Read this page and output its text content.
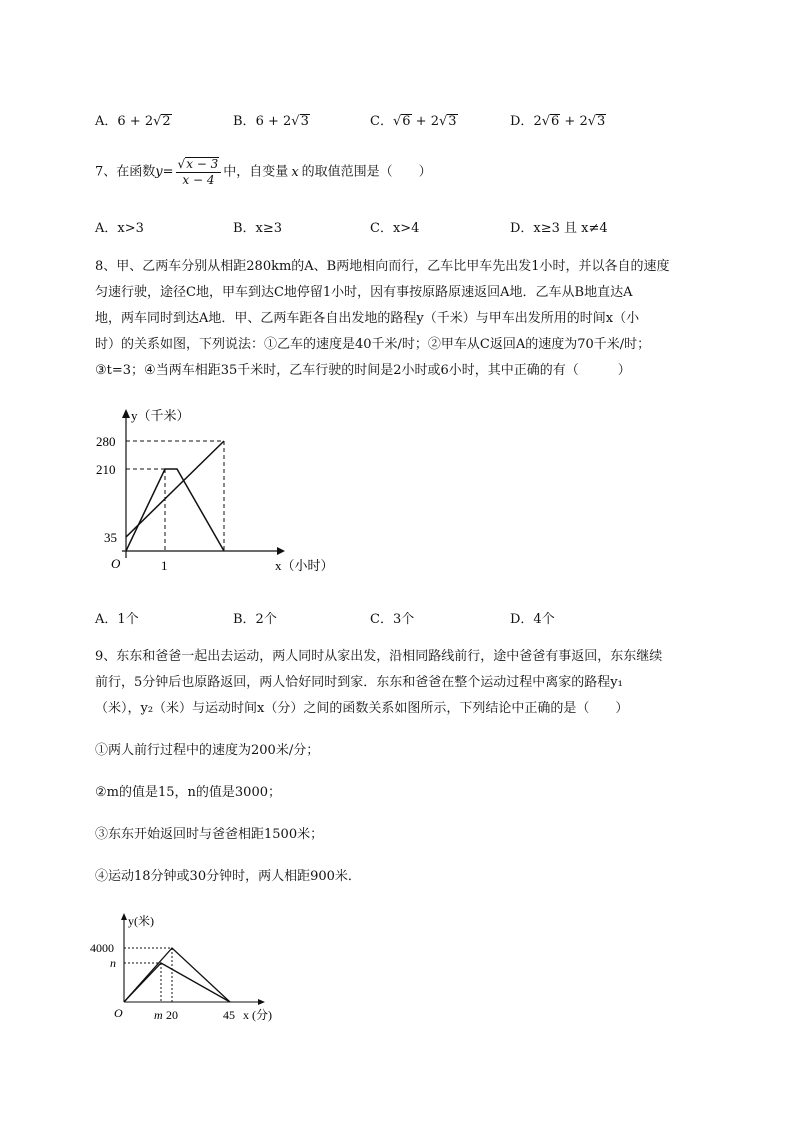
A．6 + 2√2	B．6 + 2√3	C．√6 + 2√3	D．2√6 + 2√3
7、在函数$y= \frac{√x - 3}{x - 4}$ 中，自变量 x 的取值范围是（　　）
A．x>3	B．x≥3	C．x>4	D．x≥3 且 x≠4
8、甲、乙两车分别从相距280km的A、B两地相向而行，乙车比甲车先出发1小时，并以各自的速度
匀速行驶，途径C地，甲车到达C地停留1小时，因有事按原路原速返回A地．乙车从B地直达A
地，两车同时到达A地．甲、乙两车距各自出发地的路程y（千米）与甲车出发所用的时间x（小
时）的关系如图，下列说法：①乙车的速度是40千米/时；②甲车从C返回A的速度为70千米/时；
③t=3；④当两车相距35千米时，乙车行驶的时间是2小时或6小时，其中正确的有（　　　）
y（千米）
x（小时）
O
280
210
35
1
A．1个	B．2个	C．3个	D．4个
9、东东和爸爸一起出去运动，两人同时从家出发，沿相同路线前行，途中爸爸有事返回，东东继续
前行，5分钟后也原路返回，两人恰好同时到家．东东和爸爸在整个运动过程中离家的路程y₁
（米），y₂（米）与运动时间x（分）之间的函数关系如图所示，下列结论中正确的是（　　）
①两人前行过程中的速度为200米/分；
②m的值是15，n的值是3000；
③东东开始返回时与爸爸相距1500米；
④运动18分钟或30分钟时，两人相距900米．
y(米)
x (分)
O
4000
n
m 20	45
